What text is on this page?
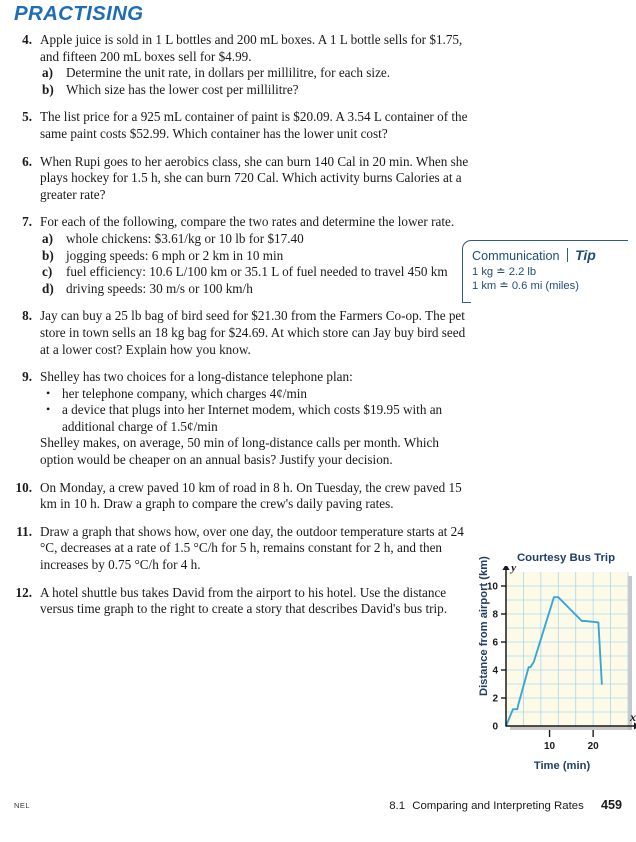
PRACTISING
4. Apple juice is sold in 1 L bottles and 200 mL boxes. A 1 L bottle sells for $1.75, and fifteen 200 mL boxes sell for $4.99.

a) Determine the unit rate, in dollars per millilitre, for each size.
b) Which size has the lower cost per millilitre?
5. The list price for a 925 mL container of paint is $20.09. A 3.54 L container of the same paint costs $52.99. Which container has the lower unit cost?

6. When Rupi goes to her aerobics class, she can burn 140 Cal in 20 min. When she plays hockey for 1.5 h, she can burn 720 Cal. Which activity burns Calories at a greater rate?

7. For each of the following, compare the two rates and determine the lower rate.

a) whole chickens: $3.61/kg or 10 lb for $17.40
b) jogging speeds: 6 mph or 2 km in 10 min
c) fuel efficiency: 10.6 L/100 km or 35.1 L of fuel needed to travel 450 km
d) driving speeds: 30 m/s or 100 km/h
8. Jay can buy a 25 lb bag of bird seed for $21.30 from the Farmers Co-op. The pet store in town sells an 18 kg bag for $24.69. At which store can Jay buy bird seed at a lower cost? Explain how you know.

9. Shelley has two choices for a long-distance telephone plan:

• her telephone company, which charges 4¢/min
• a device that plugs into her Internet modem, which costs $19.95 with an additional charge of 1.5¢/min

Shelley makes, on average, 50 min of long-distance calls per month. Which option would be cheaper on an annual basis? Justify your decision.

10. On Monday, a crew paved 10 km of road in 8 h. On Tuesday, the crew paved 15 km in 10 h. Draw a graph to compare the crew's daily paving rates.

11. Draw a graph that shows how, over one day, the outdoor temperature starts at 24 °C, decreases at a rate of 1.5 °C/h for 5 h, remains constant for 2 h, and then increases by 0.75 °C/h for 4 h.

12. A hotel shuttle bus takes David from the airport to his hotel. Use the distance versus time graph to the right to create a story that describes David's bus trip.

Communication Tip
1 kg ≐ 2.2 lb
1 km ≐ 0.6 mi (miles)
Courtesy Bus Trip
Distance from airport (km)
0
2
4
6
8
10
10	20
y
x
Time (min)
NEL	8.1 Comparing and Interpreting Rates 459
